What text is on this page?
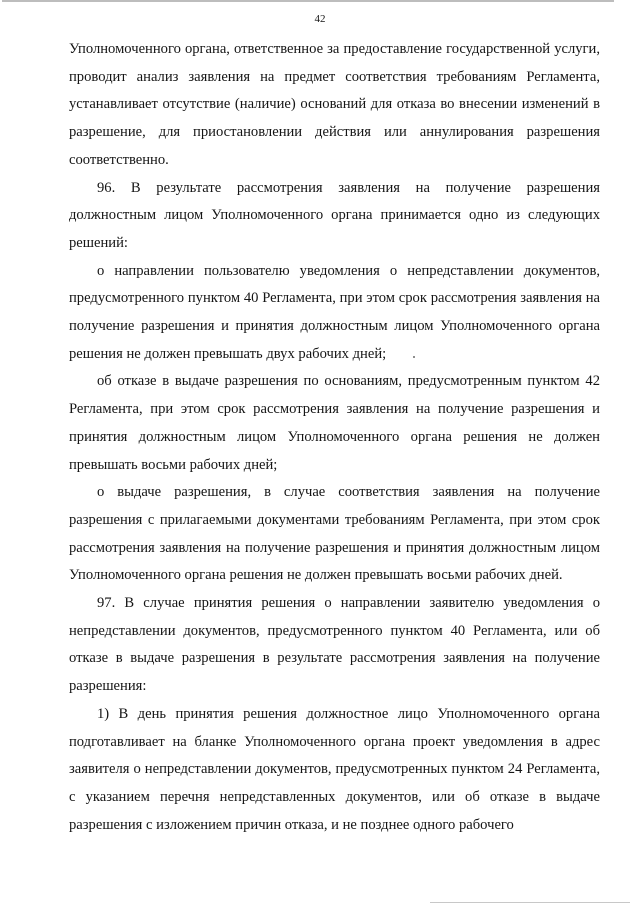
42

Уполномоченного органа, ответственное за предоставление государственной услуги, проводит анализ заявления на предмет соответствия требованиям Регламента, устанавливает отсутствие (наличие) оснований для отказа во внесении изменений в разрешение, для приостановлении действия или аннулирования разрешения соответственно.

96. В результате рассмотрения заявления на получение разрешения должностным лицом Уполномоченного органа принимается одно из следующих решений:

о направлении пользователю уведомления о непредставлении документов, предусмотренного пунктом 40 Регламента, при этом срок рассмотрения заявления на получение разрешения и принятия должностным лицом Уполномоченного органа решения не должен превышать двух рабочих дней;

об отказе в выдаче разрешения по основаниям, предусмотренным пунктом 42 Регламента, при этом срок рассмотрения заявления на получение разрешения и принятия должностным лицом Уполномоченного органа решения не должен превышать восьми рабочих дней;

о выдаче разрешения, в случае соответствия заявления на получение разрешения с прилагаемыми документами требованиям Регламента, при этом срок рассмотрения заявления на получение разрешения и принятия должностным лицом Уполномоченного органа решения не должен превышать восьми рабочих дней.

97. В случае принятия решения о направлении заявителю уведомления о непредставлении документов, предусмотренного пунктом 40 Регламента, или об отказе в выдаче разрешения в результате рассмотрения заявления на получение разрешения:

1) В день принятия решения должностное лицо Уполномоченного органа подготавливает на бланке Уполномоченного органа проект уведомления в адрес заявителя о непредставлении документов, предусмотренных пунктом 24 Регламента, с указанием перечня непредставленных документов, или об отказе в выдаче разрешения с изложением причин отказа, и не позднее одного рабочего
